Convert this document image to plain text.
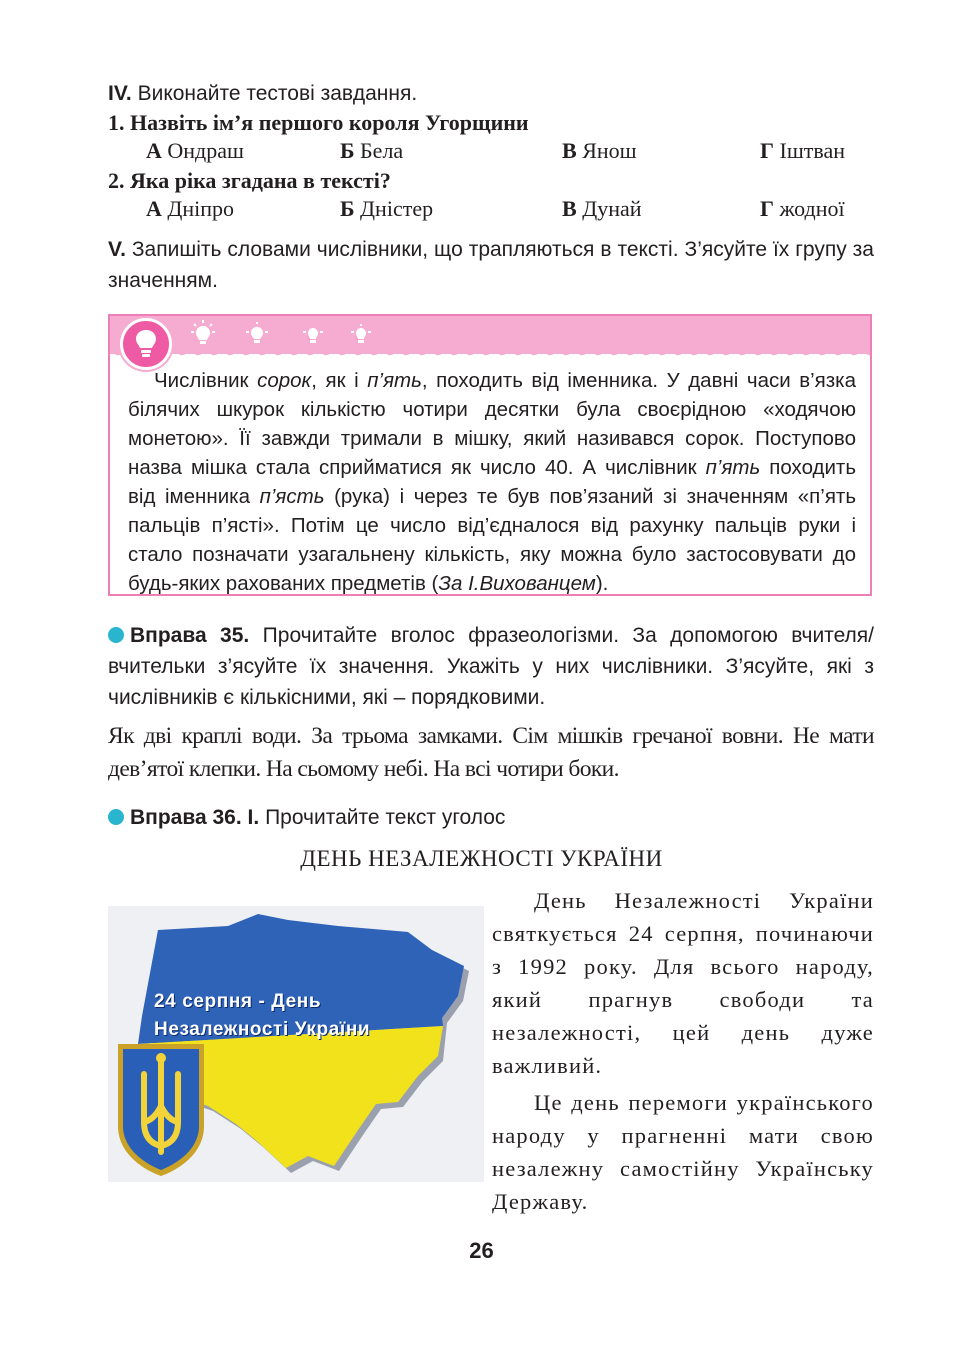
IV. Виконайте тестові завдання.
1. Назвіть ім’я першого короля Угорщини
А Ондраш	Б Бела	В Янош	Г Іштван
2. Яка ріка згадана в тексті?
А Дніпро	Б Дністер	В Дунай	Г жодної
V. Запишіть словами числівники, що трапляються в тексті. З’ясуйте їх групу за значенням.

Числівник сорок, як і п’ять, походить від іменника. У давні часи в’язка білячих шкурок кількістю чотири десятки була своєрідною «ходячою монетою». Її завжди тримали в мішку, який називався сорок. Поступово назва мішка стала сприйматися як число 40. А числівник п’ять походить від іменника п’ясть (рука) і через те був пов’язаний зі значенням «п’ять пальців п’ясті». Потім це число від’єдналося від рахунку пальців руки і стало позначати узагальнену кількість, яку можна було застосовувати до будь-яких рахованих предметів (За І.Вихованцем).

Вправа 35. Прочитайте вголос фразеологізми. За допомогою вчителя/вчительки з’ясуйте їх значення. Укажіть у них числівники. З’ясуйте, які з числівників є кількісними, які – порядковими.
Як дві краплі води. За трьома замками. Сім мішків гречаної вовни. Не мати дев’ятої клепки. На сьомому небі. На всі чотири боки.
Вправа 36. I. Прочитайте текст уголос
ДЕНЬ НЕЗАЛЕЖНОСТІ УКРАЇНИ

День Незалежності України святкується 24 серпня, починаючи з 1992 року. Для всього народу, який прагнув свободи та незалежності, цей день дуже важливий.

Це день перемоги українського народу у прагненні мати свою незалежну самостійну Українську Державу.

24 серпня - День
Незалежності України
26
